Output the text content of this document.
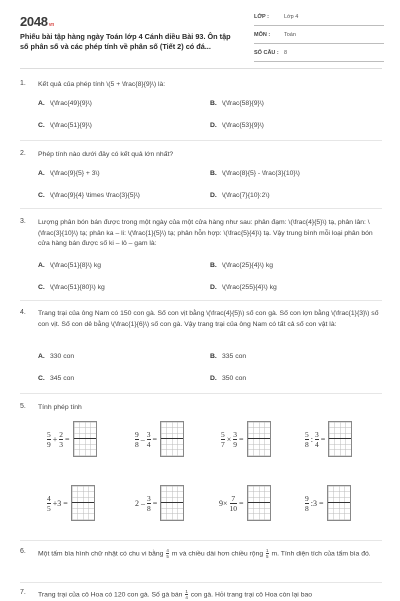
2048vn
Phiếu bài tập hàng ngày Toán lớp 4 Cánh diều Bài 93. Ôn tập số phân số và các phép tính về phân số (Tiết 2) có đá...
LỚP :	Lớp 4
MÔN :	Toán
SỐ CÂU : 8
1. Kết quả của phép tính \(5 + \frac{8}{9}\) là:
A. \(\frac{49}{9}\)	B. \(\frac{58}{9}\)
C. \(\frac{51}{9}\)	D. \(\frac{53}{9}\)
2. Phép tính nào dưới đây có kết quả lớn nhất?
A. \(\frac{9}{5} + 3\)	B. \(\frac{8}{5} - \frac{3}{10}\)
C. \(\frac{9}{4} \times \frac{3}{5}\)	D. \(\frac{7}{10}:2\)
3. Lượng phân bón bán được trong một ngày của một cửa hàng như sau: phân đạm: \(\frac{4}{5}\) tạ, phân lân: \(\frac{3}{10}\) tạ; phân ka – li: \(\frac{1}{5}\) tạ; phân hỗn hợp: \(\frac{5}{4}\) tạ. Vậy trung bình mỗi loại phân bón cửa hàng bán được số ki – lô – gam là:
A. \(\frac{51}{8}\) kg	B. \(\frac{25}{4}\) kg
C. \(\frac{51}{80}\) kg	D. \(\frac{255}{4}\) kg
4. Trang trại của ông Nam có 150 con gà. Số con vịt bằng \(\frac{4}{5}\) số con gà. Số con lợn bằng \(\frac{1}{3}\) số con vịt. Số con dê bằng \(\frac{1}{6}\) số con gà. Vậy trang trại của ông Nam có tất cả số con vật là:
A. 330 con	B. 335 con
C. 345 con	D. 350 con
5. Tính phép tính
$\frac{5}{9} + \frac{2}{3}$ =	$\frac{9}{8} - \frac{3}{4}$ =	$\frac{5}{7} \times \frac{3}{9}$ =	$\frac{5}{8}$ : $\frac{3}{4}$ =
$\frac{4}{5} +3$ =	$2 - \frac{3}{8}$ =	$9\times \frac{7}{10}$ =	$\frac{9}{8}$ :3 =
6. Một tấm bìa hình chữ nhật có chu vi bằng $\frac{4}{5}$ m và chiều dài hơn chiều rộng $\frac{1}{5} m$. Tính diện tích của tấm bìa đó.
7. Trang trại của cô Hoa có 120 con gà. Số gà bán $\frac{1}{4}$ con gà. Hỏi trang trại cô Hoa còn lại bao
